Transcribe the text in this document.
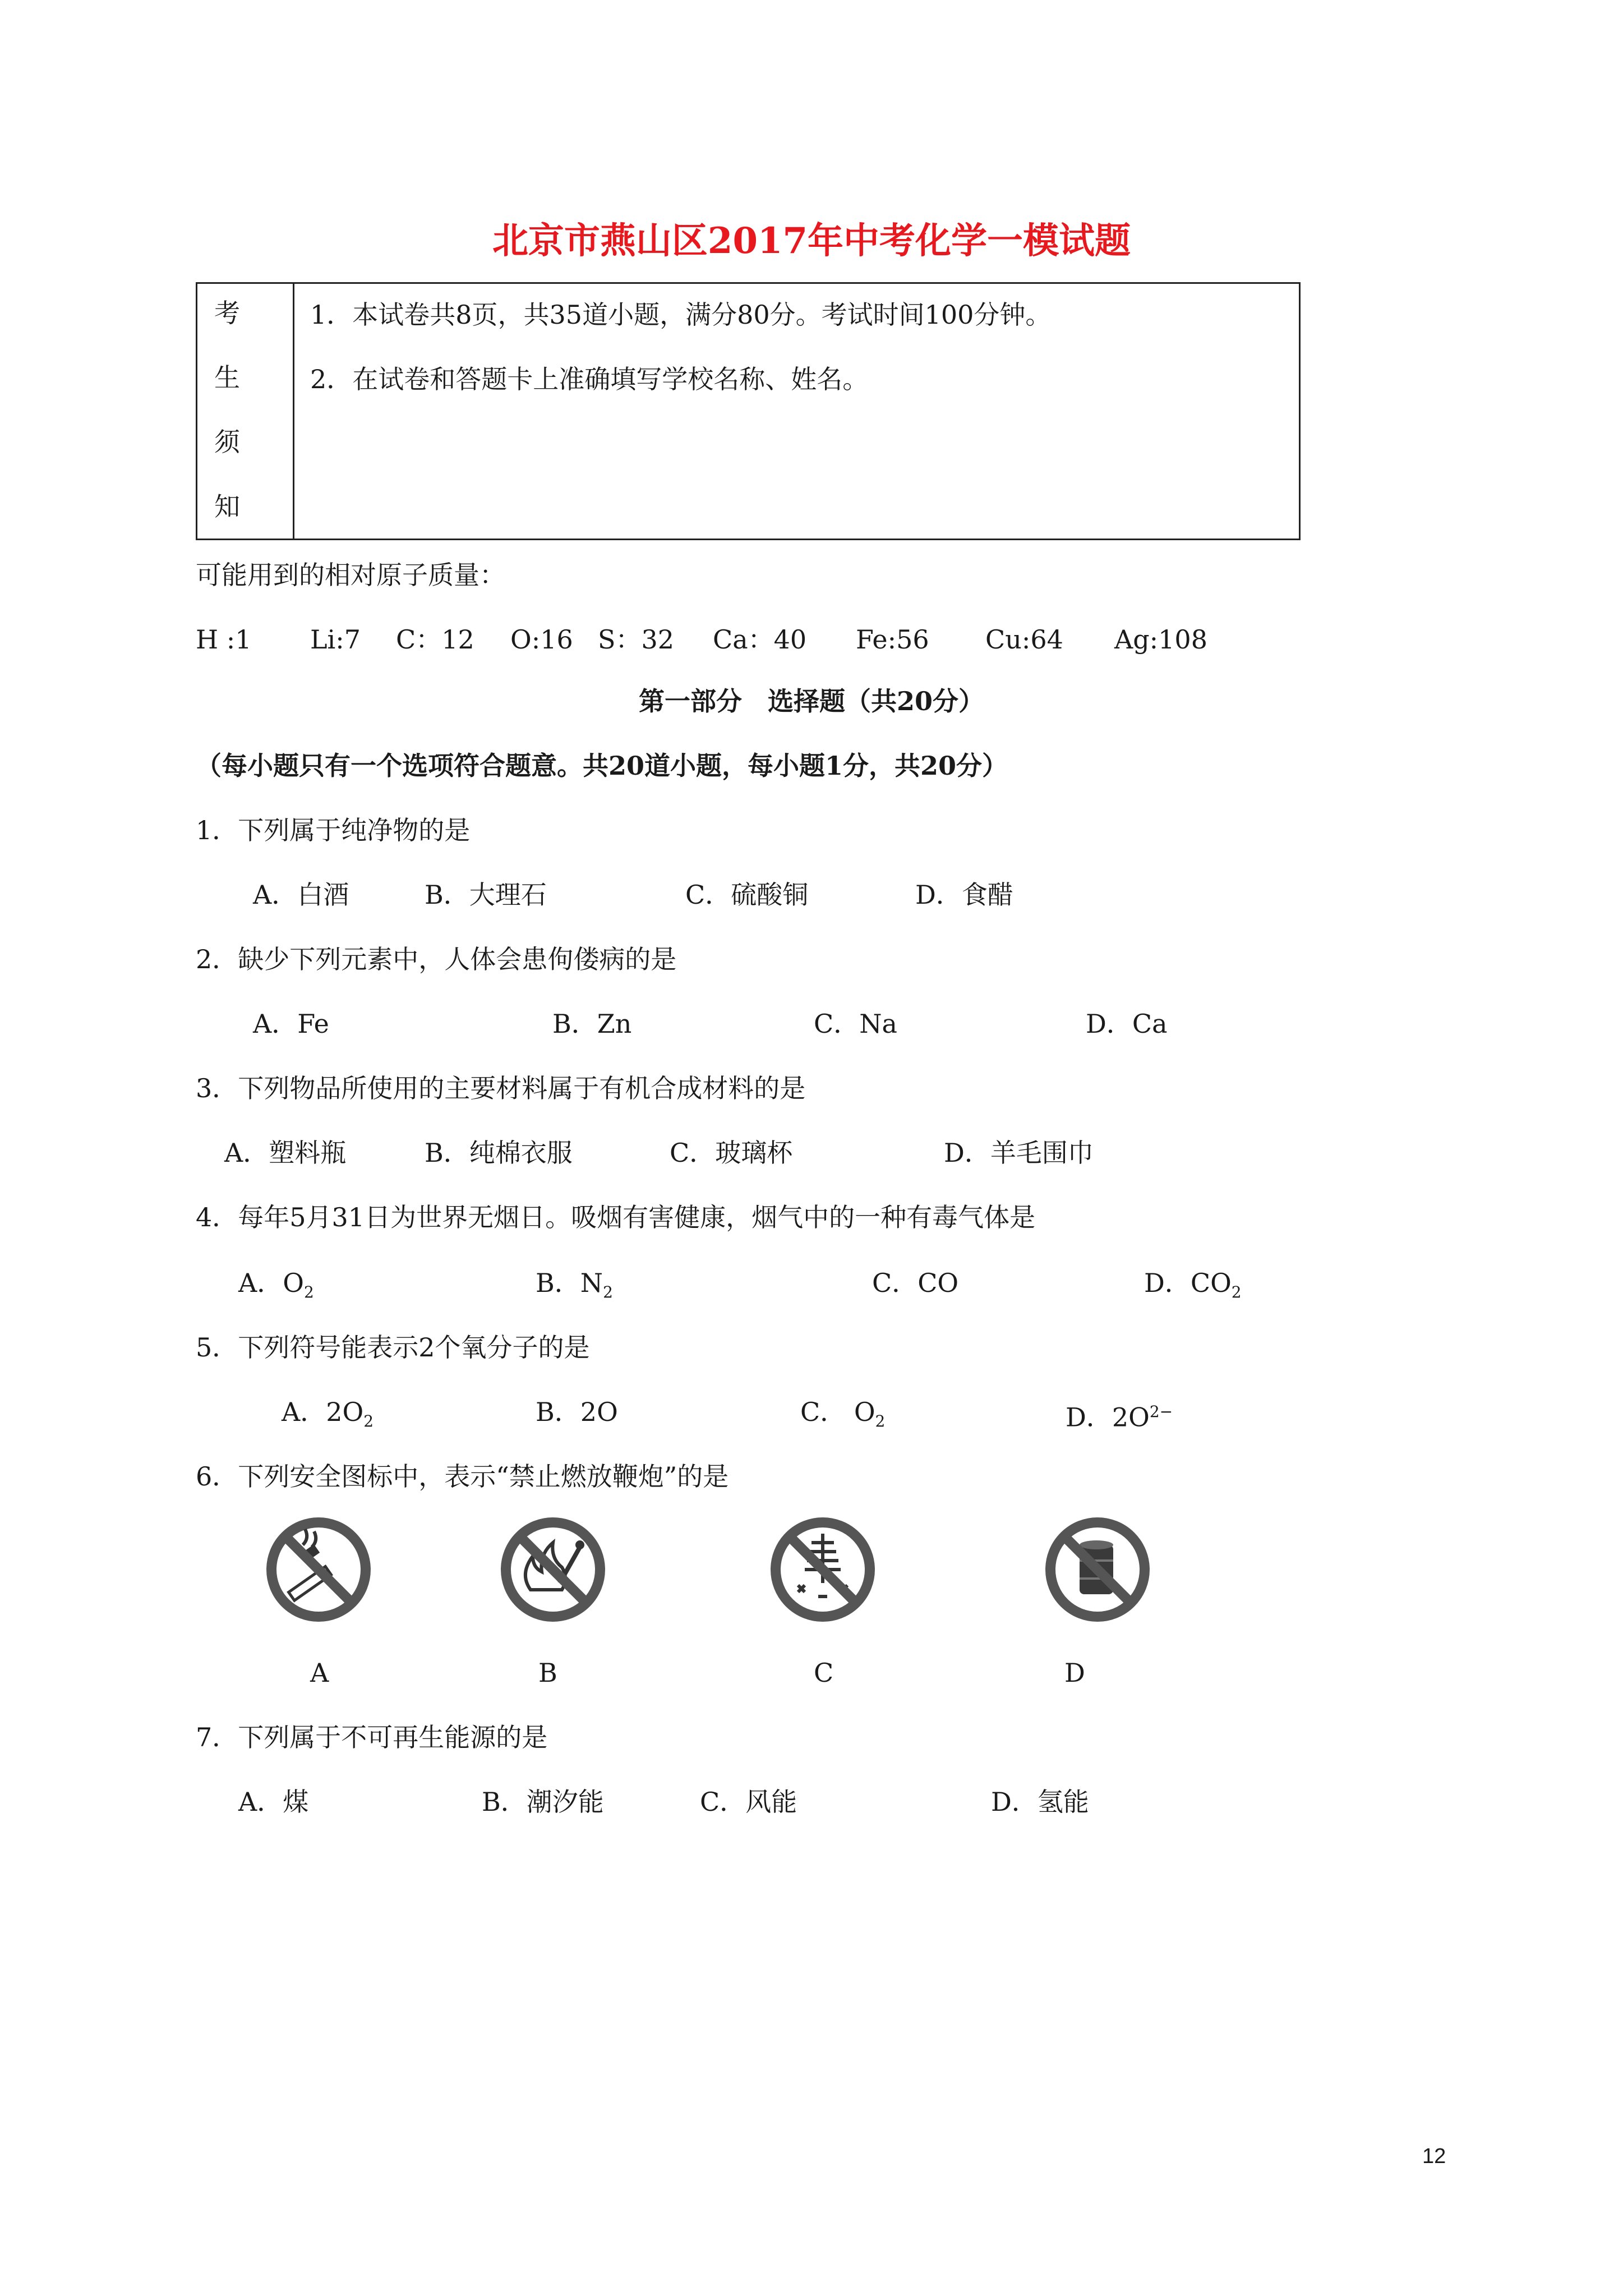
北京市燕山区2017年中考化学一模试题

考
生
须
知
1．本试卷共8页，共35道小题，满分80分。考试时间100分钟。
2．在试卷和答题卡上准确填写学校名称、姓名。
可能用到的相对原子质量：
H :1 Li:7 C：12 O:16 S：32 Ca：40 Fe:56 Cu:64 Ag:108
第一部分　选择题（共20分）
（每小题只有一个选项符合题意。共20道小题，每小题1分，共20分）
1．下列属于纯净物的是
A．白酒	B．大理石	C．硫酸铜	D．食醋
2．缺少下列元素中，人体会患佝偻病的是
A．Fe	B．Zn	C．Na	D．Ca
3．下列物品所使用的主要材料属于有机合成材料的是
A．塑料瓶	B．纯棉衣服	C．玻璃杯	D．羊毛围巾
4．每年5月31日为世界无烟日。吸烟有害健康，烟气中的一种有毒气体是
A．$O_2$	B．$N_2$	C．CO	D．$CO_2$
5．下列符号能表示2个氧分子的是
A．$2O_2$	B．2O	C． $O_2$	D．$2O^{2-}$
6．下列安全图标中，表示“禁止燃放鞭炮”的是
A	B	C	D
7．下列属于不可再生能源的是
A．煤	B．潮汐能	C．风能	D．氢能
12
